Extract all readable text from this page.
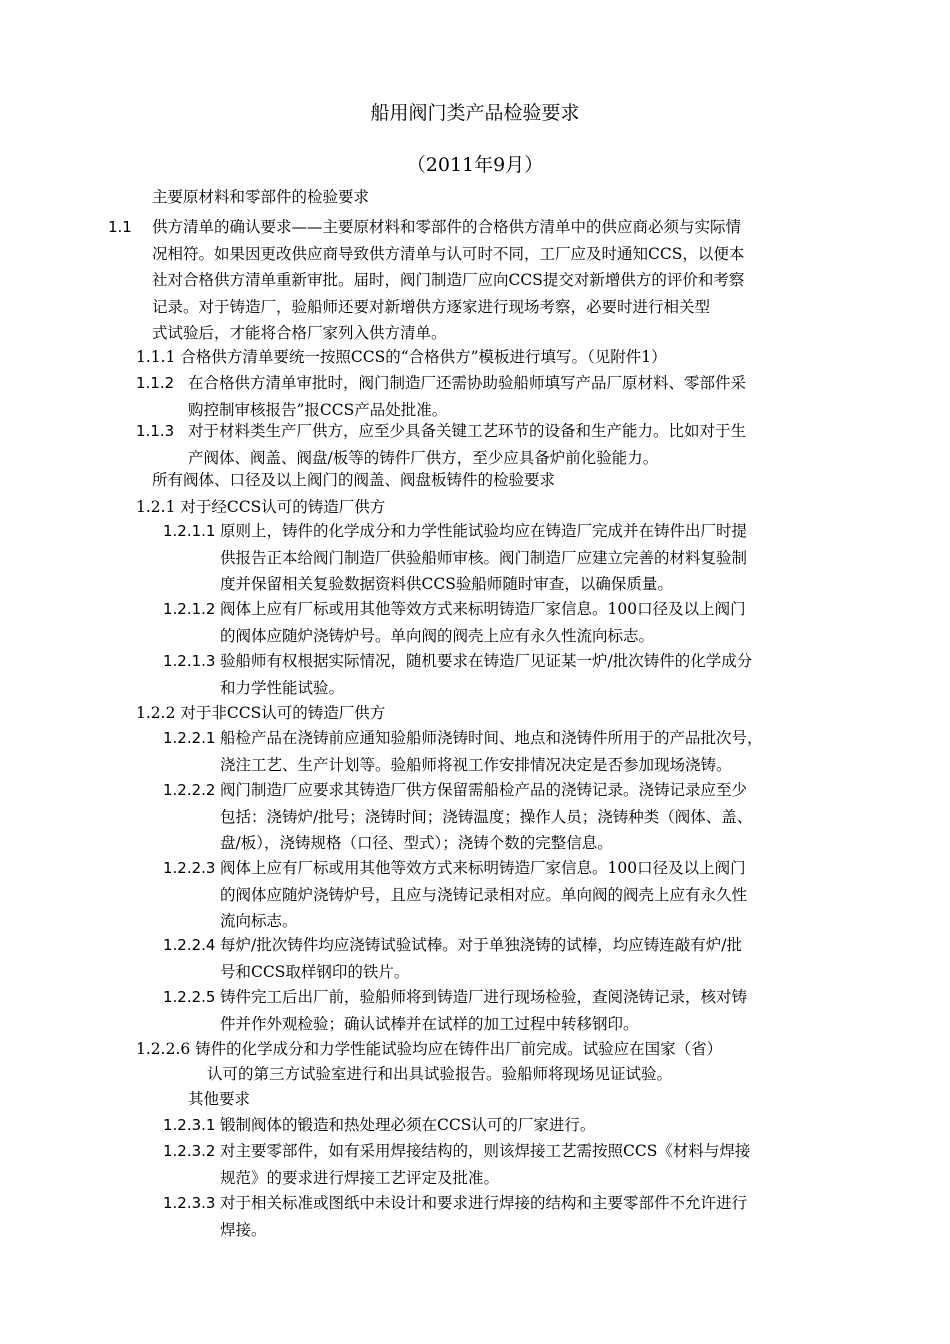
船用阀门类产品检验要求
（2011年9月）
主要原材料和零部件的检验要求
1.1 供方清单的确认要求——主要原材料和零部件的合格供方清单中的供应商必须与实际情
况相符。如果因更改供应商导致供方清单与认可时不同，工厂应及时通知CCS，以便本
社对合格供方清单重新审批。届时，阀门制造厂应向CCS提交对新增供方的评价和考察
记录。对于铸造厂，验船师还要对新增供方逐家进行现场考察，必要时进行相关型
式试验后，才能将合格厂家列入供方清单。
1.1.1 合格供方清单要统一按照CCS的“合格供方”模板进行填写。（见附件1）
1.1.2 在合格供方清单审批时，阀门制造厂还需协助验船师填写产品厂原材料、零部件采
购控制审核报告”报CCS产品处批准。
1.1.3 对于材料类生产厂供方，应至少具备关键工艺环节的设备和生产能力。比如对于生
产阀体、阀盖、阀盘/板等的铸件厂供方，至少应具备炉前化验能力。
所有阀体、口径及以上阀门的阀盖、阀盘板铸件的检验要求
1.2.1 对于经CCS认可的铸造厂供方
1.2.1.1 原则上，铸件的化学成分和力学性能试验均应在铸造厂完成并在铸件出厂时提
供报告正本给阀门制造厂供验船师审核。阀门制造厂应建立完善的材料复验制
度并保留相关复验数据资料供CCS验船师随时审查，以确保质量。
1.2.1.2 阀体上应有厂标或用其他等效方式来标明铸造厂家信息。100口径及以上阀门
的阀体应随炉浇铸炉号。单向阀的阀壳上应有永久性流向标志。
1.2.1.3 验船师有权根据实际情况，随机要求在铸造厂见证某一炉/批次铸件的化学成分
和力学性能试验。
1.2.2 对于非CCS认可的铸造厂供方
1.2.2.1 船检产品在浇铸前应通知验船师浇铸时间、地点和浇铸件所用于的产品批次号，
浇注工艺、生产计划等。验船师将视工作安排情况决定是否参加现场浇铸。
1.2.2.2 阀门制造厂应要求其铸造厂供方保留需船检产品的浇铸记录。浇铸记录应至少
包括：浇铸炉/批号；浇铸时间；浇铸温度；操作人员；浇铸种类（阀体、盖、
盘/板），浇铸规格（口径、型式）；浇铸个数的完整信息。
1.2.2.3 阀体上应有厂标或用其他等效方式来标明铸造厂家信息。100口径及以上阀门
的阀体应随炉浇铸炉号，且应与浇铸记录相对应。单向阀的阀壳上应有永久性
流向标志。
1.2.2.4 每炉/批次铸件均应浇铸试验试棒。对于单独浇铸的试棒，均应铸连敲有炉/批
号和CCS取样钢印的铁片。
1.2.2.5 铸件完工后出厂前，验船师将到铸造厂进行现场检验，查阅浇铸记录，核对铸
件并作外观检验；确认试棒并在试样的加工过程中转移钢印。
1.2.2.6 铸件的化学成分和力学性能试验均应在铸件出厂前完成。试验应在国家（省）
认可的第三方试验室进行和出具试验报告。验船师将现场见证试验。
其他要求
1.2.3.1 锻制阀体的锻造和热处理必须在CCS认可的厂家进行。
1.2.3.2 对主要零部件，如有采用焊接结构的，则该焊接工艺需按照CCS《材料与焊接
规范》的要求进行焊接工艺评定及批准。
1.2.3.3 对于相关标准或图纸中未设计和要求进行焊接的结构和主要零部件不允许进行
焊接。
